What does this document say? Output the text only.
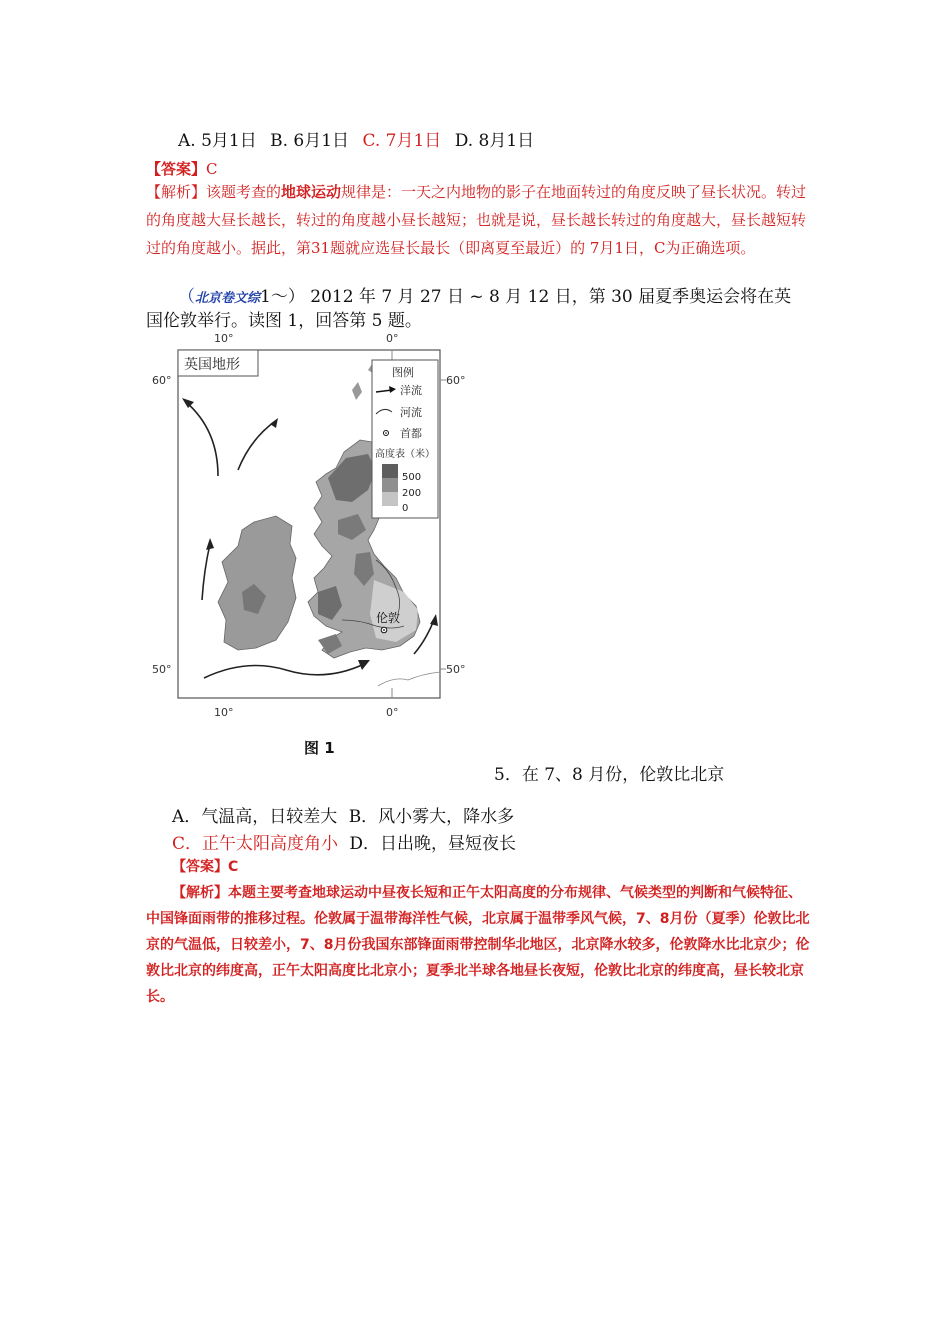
A. 5月1日 B. 6月1日 C. 7月1日 D. 8月1日
【答案】C
【解析】该题考查的地球运动规律是：一天之内地物的影子在地面转过的角度反映了昼长状况。转过的角度越大昼长越长，转过的角度越小昼长越短；也就是说，昼长越长转过的角度越大，昼长越短转过的角度越小。据此，第31题就应选昼长最长（即离夏至最近）的 7月1日，C为正确选项。
（北京卷文综1～） 2012 年 7 月 27 日 ~ 8 月 12 日，第 30 届夏季奥运会将在英
国伦敦举行。读图 1，回答第 5 题。
10°	0°
60°	60°
50°	50°
10°	0°
英国地形
伦敦
图例
洋流
河流
首都
高度表（米）
500
200
0
图 1
5．在 7、8 月份，伦敦比北京
A．气温高，日较差大 B．风小雾大，降水多
C．正午太阳高度角小 D．日出晚，昼短夜长
【答案】C
【解析】本题主要考查地球运动中昼夜长短和正午太阳高度的分布规律、气候类型的判断和气候特征、中国锋面雨带的推移过程。伦敦属于温带海洋性气候，北京属于温带季风气候，7、8月份（夏季）伦敦比北京的气温低，日较差小，7、8月份我国东部锋面雨带控制华北地区，北京降水较多，伦敦降水比北京少；伦敦比北京的纬度高，正午太阳高度比北京小；夏季北半球各地昼长夜短，伦敦比北京的纬度高，昼长较北京长。
